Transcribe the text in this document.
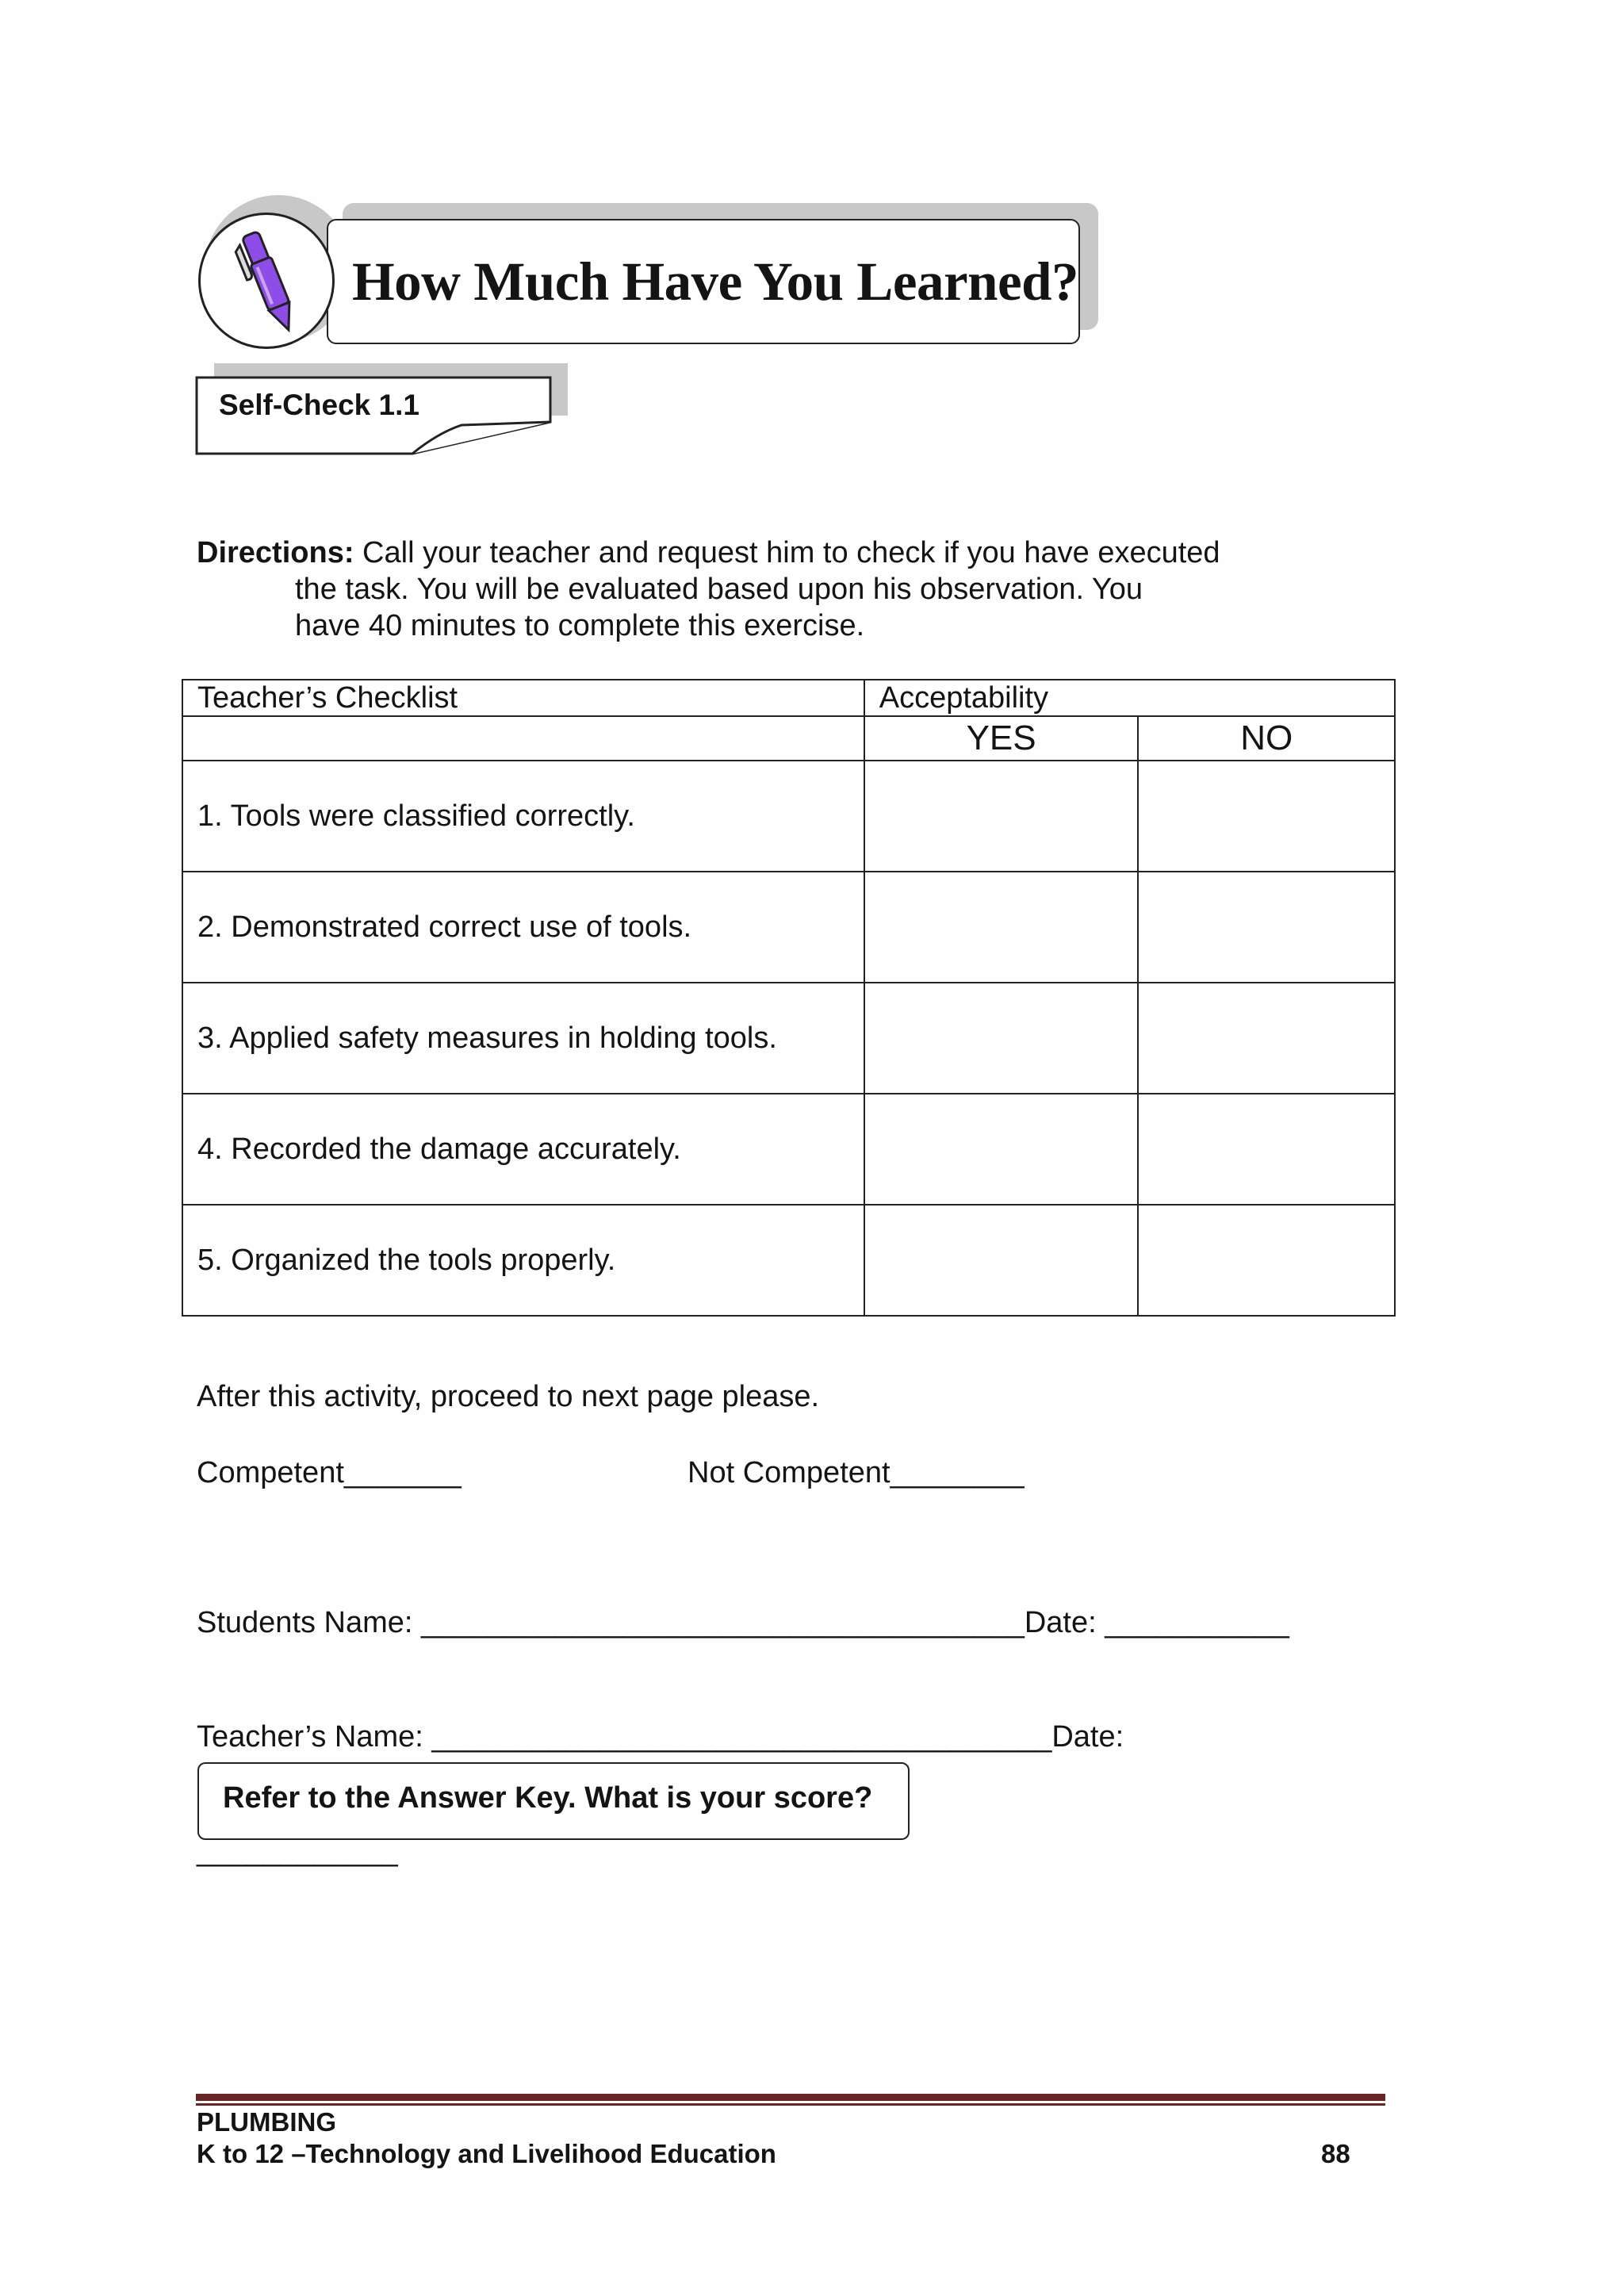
How Much Have You Learned?
Self-Check 1.1
Directions: Call your teacher and request him to check if you have executed
the task. You will be evaluated based upon his observation. You
have 40 minutes to complete this exercise.
Teacher’s Checklist	Acceptability	
	YES	NO
1. Tools were classified correctly.		
2. Demonstrated correct use of tools.		
3. Applied safety measures in holding tools.		
4. Recorded the damage accurately.		
5. Organized the tools properly.		
After this activity, proceed to next page please.
Competent_______	Not Competent________

Students Name: ____________________________________Date: ___________

Teacher’s Name: _____________________________________Date:

____________

Refer to the Answer Key. What is your score?
PLUMBING
K to 12 –Technology and Livelihood Education	88
